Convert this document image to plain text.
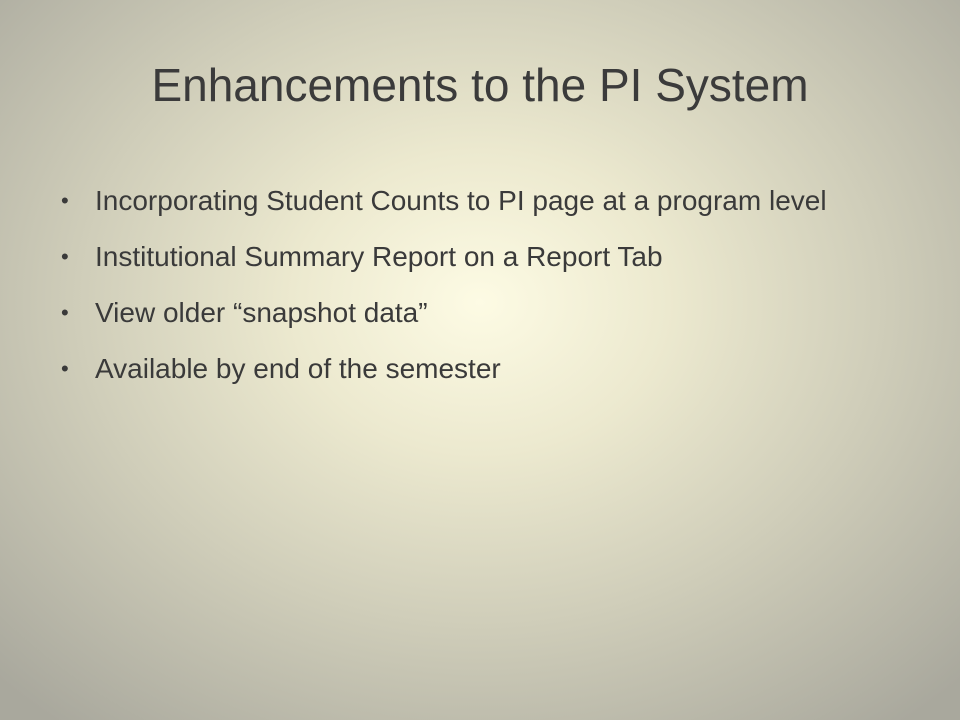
Enhancements to the PI System
• Incorporating Student Counts to PI page at a program level
• Institutional Summary Report on a Report Tab
• View older “snapshot data”
• Available by end of the semester
